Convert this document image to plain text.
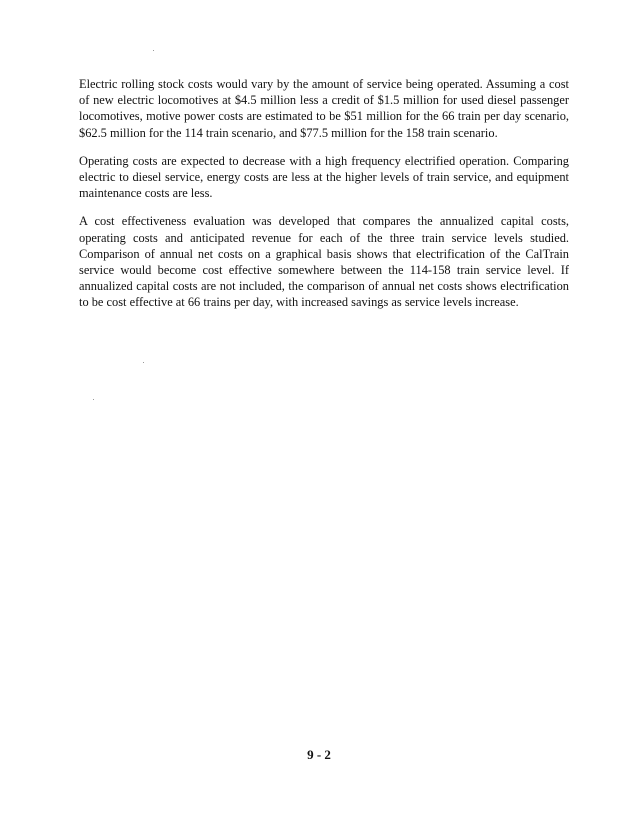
Electric rolling stock costs would vary by the amount of service being operated. Assuming a cost of new electric locomotives at $4.5 million less a credit of $1.5 million for used diesel passenger locomotives, motive power costs are estimated to be $51 million for the 66 train per day scenario, $62.5 million for the 114 train scenario, and $77.5 million for the 158 train scenario.

Operating costs are expected to decrease with a high frequency electrified operation. Comparing electric to diesel service, energy costs are less at the higher levels of train service, and equipment maintenance costs are less.

A cost effectiveness evaluation was developed that compares the annualized capital costs, operating costs and anticipated revenue for each of the three train service levels studied. Comparison of annual net costs on a graphical basis shows that electrification of the CalTrain service would become cost effective somewhere between the 114-158 train service level. If annualized capital costs are not included, the comparison of annual net costs shows electrification to be cost effective at 66 trains per day, with increased savings as service levels increase.

9 - 2
